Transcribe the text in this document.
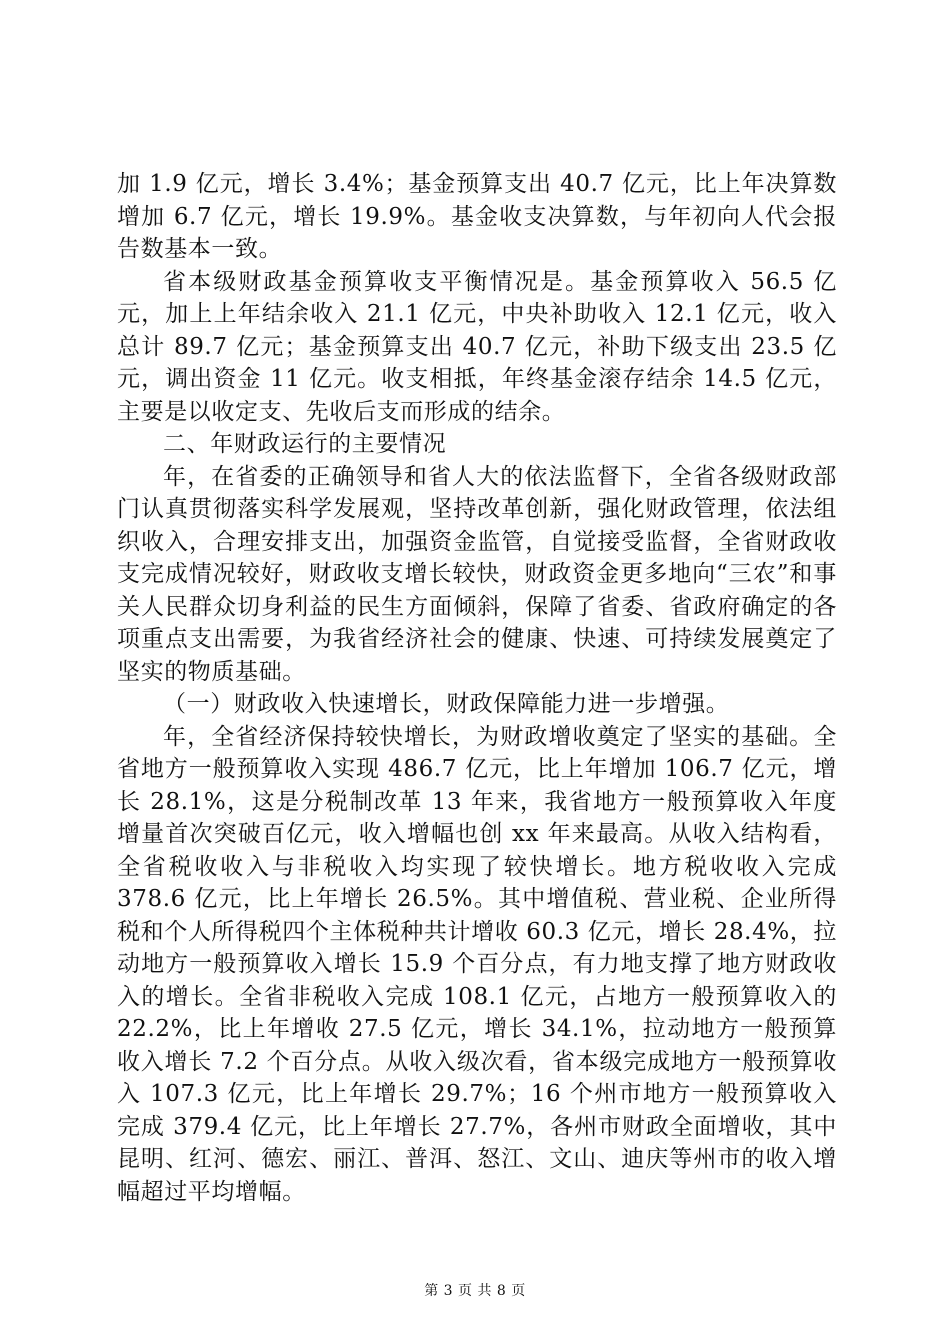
加 1.9 亿元，增长 3.4%；基金预算支出 40.7 亿元，比上年决算数增加 6.7 亿元，增长 19.9%。基金收支决算数，与年初向人代会报告数基本一致。

省本级财政基金预算收支平衡情况是。基金预算收入 56.5 亿元，加上上年结余收入 21.1 亿元，中央补助收入 12.1 亿元，收入总计 89.7 亿元；基金预算支出 40.7 亿元，补助下级支出 23.5 亿元，调出资金 11 亿元。收支相抵，年终基金滚存结余 14.5 亿元，主要是以收定支、先收后支而形成的结余。

二、年财政运行的主要情况

年，在省委的正确领导和省人大的依法监督下，全省各级财政部门认真贯彻落实科学发展观，坚持改革创新，强化财政管理，依法组织收入，合理安排支出，加强资金监管，自觉接受监督，全省财政收支完成情况较好，财政收支增长较快，财政资金更多地向“三农”和事关人民群众切身利益的民生方面倾斜，保障了省委、省政府确定的各项重点支出需要，为我省经济社会的健康、快速、可持续发展奠定了坚实的物质基础。

（一）财政收入快速增长，财政保障能力进一步增强。

年，全省经济保持较快增长，为财政增收奠定了坚实的基础。全省地方一般预算收入实现 486.7 亿元，比上年增加 106.7 亿元，增长 28.1%，这是分税制改革 13 年来，我省地方一般预算收入年度增量首次突破百亿元，收入增幅也创 xx 年来最高。从收入结构看，全省税收收入与非税收入均实现了较快增长。地方税收收入完成 378.6 亿元，比上年增长 26.5%。其中增值税、营业税、企业所得税和个人所得税四个主体税种共计增收 60.3 亿元，增长 28.4%，拉动地方一般预算收入增长 15.9 个百分点，有力地支撑了地方财政收入的增长。全省非税收入完成 108.1 亿元，占地方一般预算收入的 22.2%，比上年增收 27.5 亿元，增长 34.1%，拉动地方一般预算收入增长 7.2 个百分点。从收入级次看，省本级完成地方一般预算收入 107.3 亿元，比上年增长 29.7%；16 个州市地方一般预算收入完成 379.4 亿元，比上年增长 27.7%，各州市财政全面增收，其中昆明、红河、德宏、丽江、普洱、怒江、文山、迪庆等州市的收入增幅超过平均增幅。

第 3 页 共 8 页
